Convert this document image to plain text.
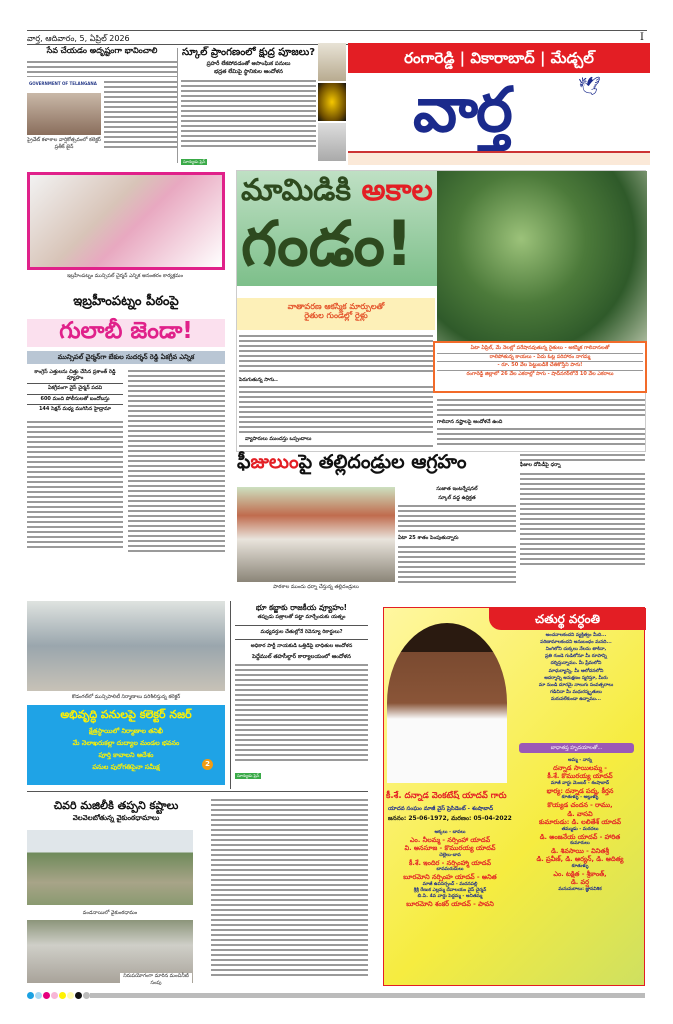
వార్త, ఆదివారం, 5, ఏప్రిల్ 2026	I
సేవ చేయడం అదృష్టంగా భావించాలి
GOVERNMENT OF TELANGANA
ప్రైవేట్ కళాశాల వార్షికోత్సవంలో కలెక్టర్ ప్రతీక్ జైన్
స్కూల్ ప్రాంగణంలో క్షుద్ర పూజలు?
ప్రహరీ లేకపోవడంతో అసాంఘిక పనులు
భద్రత లేమిపై స్థానికుల ఆందోళన
సూర్యుడు ప్రెస్
రంగారెడ్డి | వికారాబాద్ | మేడ్చల్
🕊
వార్త
ఇబ్రహీంపట్నం మున్సిపల్ చైర్మన్ ఎన్నిక అనంతరం కార్యక్రమం
ఇబ్రహీంపట్నం పీఠంపై
గులాబీ జెండా!
మున్సిపల్ చైర్మన్‌గా బేకుల సుదర్శన్ రెడ్డి ఏకగ్రీవ ఎన్నిక
కాంగ్రెస్ ఎత్తులను చిత్తు చేసిన ప్రశాంత్ రెడ్డి వ్యూహం
ఏకగ్రీవంగా వైస్ చైర్మన్ పదవి
600 మంది పోలీసులతో బందోబస్తు
144 సెక్షన్ మధ్య ముగిసిన హైడ్రామా
మామిడికి అకాల
గండం!
వాతావరణ ఆకస్మిక మార్పులతో
రైతుల గుండెల్లో రైళ్లు
ఏటా ఏప్రిల్, మే నెలల్లో పరేషానవుతున్న రైతులు - అకస్మిక గాలివానలతో
రాలిపోతున్న కాయలు - ఏదు ఓట్ల పరిహారం నాగమ్మ
- రూ. 50 వేల పెట్టుబడికే చేతికొస్తేని పాగు!
రంగారెడ్డి జిల్లాలో 26 వేల ఎకరాల్లో సాగు - షాద్‌నగర్‌లోనే 10 వేల ఎకరాలు
పెరుగుతున్న సాగు..
వ్యాపారులు ముందస్తు ఒప్పందాలు
గాలివాన నష్టాలపై ఆందోళనే ఉంది
ఫీజులుంపై తల్లిదండ్రుల ఆగ్రహం
పాఠశాల ముందు ధర్నా చేస్తున్న తల్లిదండ్రులు
సుజాత ఇంటర్నేషనల్
స్కూల్ వద్ద ఉద్రిక్తత
ఏటా 25 శాతం పెంపుతున్నారు
ఫీజుల దోపిడీపై ధర్నా
కొడంగల్‌లో మున్సిపాలిటీ నిర్మాణాలు పరిశీలిస్తున్న కలెక్టర్
అభివృద్ధి పనులపై కలెక్టర్ నజర్
క్షేత్రస్థాయిలో నిర్మాణాల తనిఖీ
మే నెలాఖరుకల్లా దుద్యాల మండల భవనం
పూర్తి కావాలని ఆదేశం
పనుల పురోగతిపైనా సమీక్ష	2
భూ కబ్జాకు రాజకీయ వ్యూహం!
తప్పుడు పత్రాలతో పట్టా మార్చేందుకు యత్నం
మధ్యవర్తుల చేతుల్లోనే రెవెన్యూ రికార్డులు?
అధికార పార్టీ నాయకుడి ఒత్తిడిపై బాధితుల ఆందోళన
పెద్దేముల్ తహసీల్దార్ కార్యాలయంలో ఆందోళన
సూర్యుడు ప్రెస్
చివరి మజిలీకి తప్పని కష్టాలు
వెలవెలబోతున్న వైకుంఠధామాలు
వండనాయిలో వైకుంఠధామం
నిరుపయోగంగా మారిన మంచినీటి సంపు
చతుర్థ వర్ధంతి
అంచనాలకందని వ్యక్తిత్వం మీది...
పరిణామాలకందని అనుబంధం మనది...
నింగిలోని చుక్కలు నేలను తాకినా,
ప్రతి గుండె గుడిలోనూ మీ రూపాన్ని
దర్శిస్తున్నాము. మీ ప్రేమలోని
మాధుర్యాన్ని, మీ ఆలోచనలోని
ఆదర్శాన్ని అనుక్షణం స్మరిస్తూ, మీరు
మా నుండి దూరమై నాలుగు సంవత్సరాలు
గడిచినా మీ మధురస్మృతులు
మరువలేకుండా ఉన్నాము...
బాధాతప్త హృదయాలతో...
కీ.శే. దన్నాడ వెంకటేష్ యాదవ్ గారు
యాదవ సంఘం మాజీ వైస్ ప్రెసిడెంట్ - శంషాబాద్
జననం: 25-06-1972, మరణం: 05-04-2022
అక్కలు - బావలు
ఎం. నీలమ్మ - నర్సింహా యాదవ్
వి. అనసూజ - కొమురయ్య యాదవ్
చెల్లెలు-బావ
కీ.శే. ఇందిర - నర్సింహ్మా యాదవ్
బావమరుదులు
బూరమోని నర్సింహ యాదవ్ - అనిత
మాజీ ఉపసర్పంచ్ - మదనపల్లి
శ్రీశ్రీ రేణుక ఎల్లమ్మ దేవాలయం వైస్ చైర్మన్
బి.పి. 4వ వార్డు పెద్దమ్మ - అనితమ్మ
బూరమోని శంకర్ యాదవ్ - పావని
అమ్మ - నాన్న
దన్నాడ సాయిలమ్మ -
కీ.శే. కొమురయ్య యాదవ్
మాజీ వార్డు మెంబర్ - శంషాబాద్
భార్య: దన్నాడ పద్మ, కీర్తన
కూతుళ్ళు - అల్లుళ్ళు
కొయ్యడ చందన - రాము,
డి. వాసవి
కుమారుడు: డి. లలితేశ్ యాదవ్
తమ్ముడు - మరదలు
డి. అంజనేయ యాదవ్ - హారిత
కుమారులు
డి. శివసాయి - వినితశ్రీ
డి. ప్రవీణ్, డి. ఆర్యన్, డి. ఆదిత్య
కూతుళ్ళు
ఎం. టక్షిత - శ్రీకాంత్,
డి. వర్ష
మనుమరాలు: జ్ఞానవిశిక
